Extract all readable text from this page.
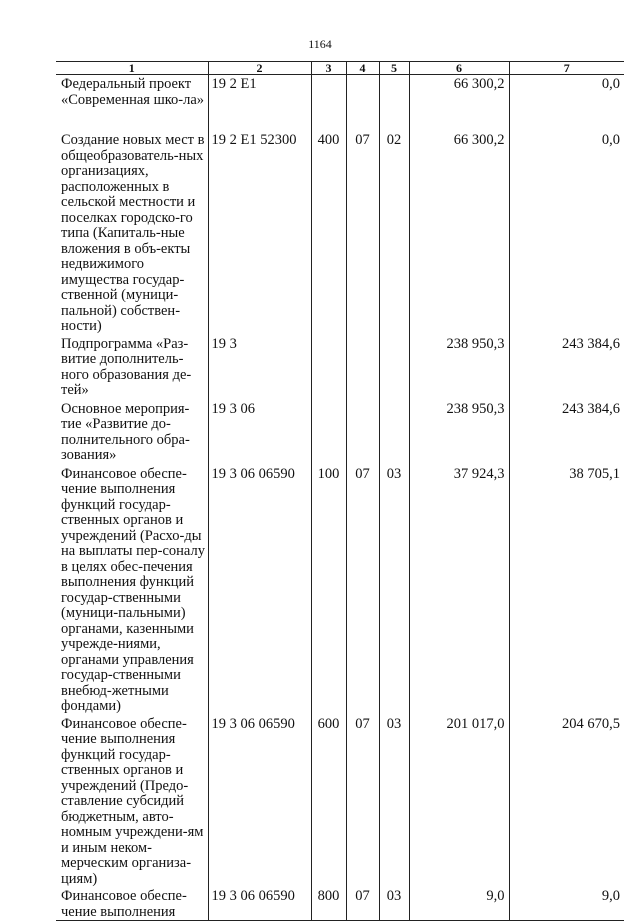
1164
1	2	3	4	5	6	7
Федеральный проект «Современная шко-ла»	19 2 E1				66 300,2	0,0
Создание новых мест в общеобразователь-ных организациях, расположенных в сельской местности и поселках городско-го типа (Капиталь-ные вложения в объ-екты недвижимого имущества государ-ственной (муници-пальной) собствен-ности)	19 2 E1 52300	400	07	02	66 300,2	0,0
Подпрограмма «Раз-витие дополнитель-ного образования де-тей»	19 3				238 950,3	243 384,6
Основное мероприя-тие «Развитие до-полнительного обра-зования»	19 3 06				238 950,3	243 384,6
Финансовое обеспе-чение выполнения функций государ-ственных органов и учреждений (Расхо-ды на выплаты пер-соналу в целях обес-печения выполнения функций государ-ственными (муници-пальными) органами, казенными учрежде-ниями, органами управления государ-ственными внебюд-жетными фондами)	19 3 06 06590	100	07	03	37 924,3	38 705,1
Финансовое обеспе-чение выполнения функций государ-ственных органов и учреждений (Предо-ставление субсидий бюджетным, авто-номным учреждени-ям и иным неком-мерческим организа-циям)	19 3 06 06590	600	07	03	201 017,0	204 670,5
Финансовое обеспе-чение выполнения	19 3 06 06590	800	07	03	9,0	9,0
